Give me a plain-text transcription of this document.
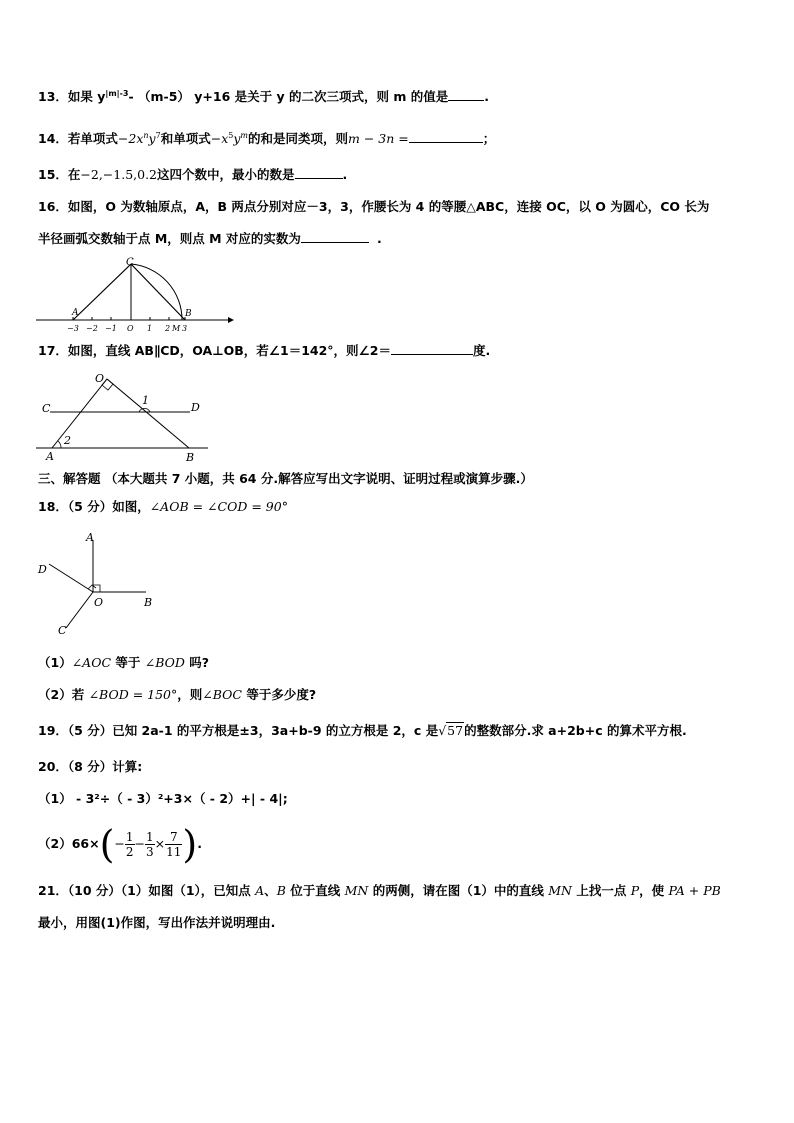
13．如果 $y^{|m|-3}-$ （m-5） y+16 是关于 y 的二次三项式，则 m 的值是	.
14．若单项式$-2x^ny^7$和单项式$-x^5y^m$的和是同类项，则m − 3n =	；
15．在−2,−1.5,0.2这四个数中，最小的数是	.
16．如图，O 为数轴原点，A，B 两点分别对应－3，3，作腰长为 4 的等腰△ABC，连接 OC，以 O 为圆心，CO 长为
半径画弧交数轴于点 M，则点 M 对应的实数为	.
C
A	B
−3 −2 −1 O 1 2 M 3
17．如图，直线 AB∥CD，OA⊥OB，若∠1＝142°，则∠2＝	度.
O
C	D
A	B
1
2
三、解答题 （本大题共 7 小题，共 64 分.解答应写出文字说明、证明过程或演算步骤.）
18．（5 分）如图，∠AOB = ∠COD = 90°
A
D
O	B
C
（1）∠AOC 等于 ∠BOD 吗?
（2）若 ∠BOD = 150°，则∠BOC 等于多少度?
19．（5 分）已知 2a-1 的平方根是±3，3a+b-9 的立方根是 2，c 是√57的整数部分.求 a+2b+c 的算术平方根.
20．（8 分）计算:
（1） - 3²÷（ - 3）²+3×（ - 2）+| - 4|;
$(2)66\times(- \frac{1}{2} - \frac{1}{3} \times \frac{7}{11}$ ).
21．（10 分）（1）如图（1），已知点 A、B 位于直线 MN 的两侧，请在图（1）中的直线 MN 上找一点 P，使 PA + PB
最小，用图(1)作图，写出作法并说明理由.
